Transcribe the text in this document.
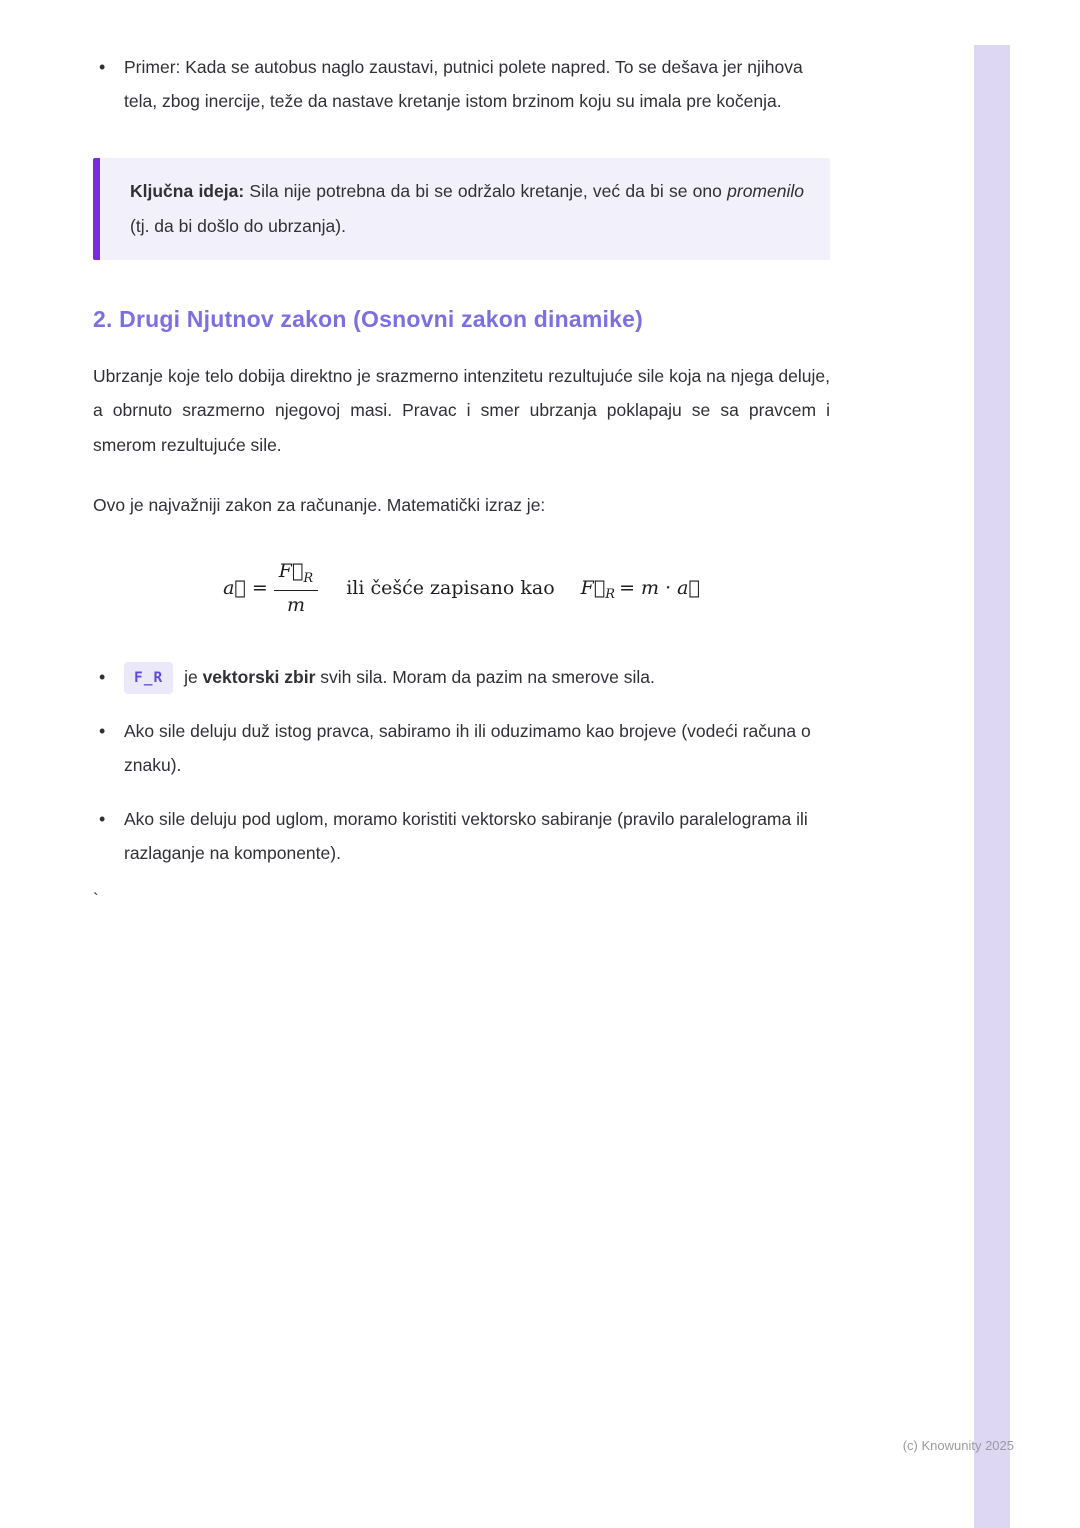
• Primer: Kada se autobus naglo zaustavi, putnici polete napred. To se dešava jer njihova tela, zbog inercije, teže da nastave kretanje istom brzinom koju su imala pre kočenja.

Ključna ideja: Sila nije potrebna da bi se održalo kretanje, već da bi se ono promenilo (tj. da bi došlo do ubrzanja).

2. Drugi Njutnov zakon (Osnovni zakon dinamike)

Ubrzanje koje telo dobija direktno je srazmerno intenzitetu rezultujuće sile koja na njega deluje, a obrnuto srazmerno njegovoj masi. Pravac i smer ubrzanja poklapaju se sa pravcem i smerom rezultujuće sile.

Ovo je najvažniji zakon za računanje. Matematički izraz je:

a⃗ = $\frac{F⃗_R}{m}$ ili češće zapisano kao $F⃗_R = m$ · a⃗
• F_R je vektorski zbir svih sila. Moram da pazim na smerove sila.
• Ako sile deluju duž istog pravca, sabiramo ih ili oduzimamo kao brojeve (vodeći računa o znaku).
• Ako sile deluju pod uglom, moramo koristiti vektorsko sabiranje (pravilo paralelograma ili razlaganje na komponente).
`
(c) Knowunity 2025
